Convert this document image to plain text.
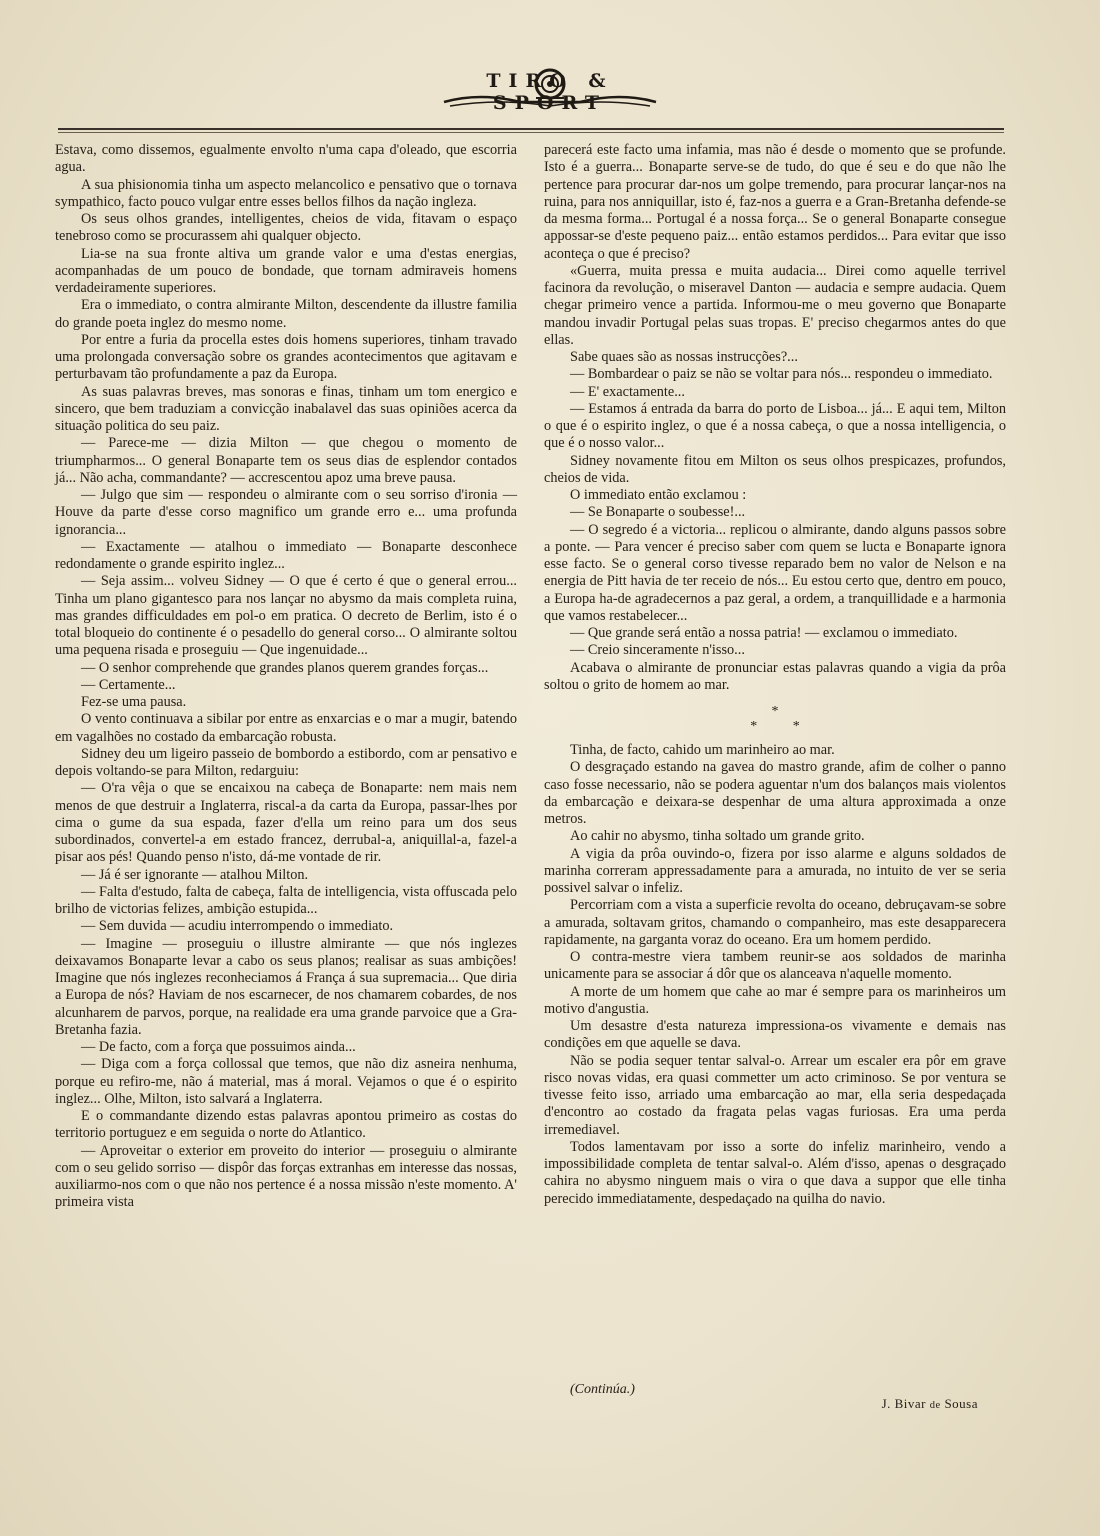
TIRO & SPORT

Estava, como dissemos, egualmente envolto n'uma capa d'oleado, que escorria agua.

A sua phisionomia tinha um aspecto melancolico e pensativo que o tornava sympathico, facto pouco vulgar entre esses bellos filhos da nação ingleza.

Os seus olhos grandes, intelligentes, cheios de vida, fitavam o espaço tenebroso como se procurassem ahi qualquer objecto.

Lia-se na sua fronte altiva um grande valor e uma d'estas energias, acompanhadas de um pouco de bondade, que tornam admiraveis homens verdadeiramente superiores.

Era o immediato, o contra almirante Milton, descendente da illustre familia do grande poeta inglez do mesmo nome.

Por entre a furia da procella estes dois homens superiores, tinham travado uma prolongada conversação sobre os grandes acontecimentos que agitavam e perturbavam tão profundamente a paz da Europa.

As suas palavras breves, mas sonoras e finas, tinham um tom energico e sincero, que bem traduziam a convicção inabalavel das suas opiniões acerca da situação politica do seu paiz.

— Parece-me — dizia Milton — que chegou o momento de triumpharmos... O general Bonaparte tem os seus dias de esplendor contados já... Não acha, commandante? — accrescentou apoz uma breve pausa.

— Julgo que sim — respondeu o almirante com o seu sorriso d'ironia — Houve da parte d'esse corso magnifico um grande erro e... uma profunda ignorancia...

— Exactamente — atalhou o immediato — Bonaparte desconhece redondamente o grande espirito inglez...

— Seja assim... volveu Sidney — O que é certo é que o general errou... Tinha um plano gigantesco para nos lançar no abysmo da mais completa ruina, mas grandes difficuldades em pol-o em pratica. O decreto de Berlim, isto é o total bloqueio do continente é o pesadello do general corso... O almirante soltou uma pequena risada e proseguiu — Que ingenuidade...

— O senhor comprehende que grandes planos querem grandes forças...

— Certamente...

Fez-se uma pausa.

O vento continuava a sibilar por entre as enxarcias e o mar a mugir, batendo em vagalhões no costado da embarcação robusta.

Sidney deu um ligeiro passeio de bombordo a estibordo, com ar pensativo e depois voltando-se para Milton, redarguiu:

— O'ra vêja o que se encaixou na cabeça de Bonaparte: nem mais nem menos de que destruir a Inglaterra, riscal-a da carta da Europa, passar-lhes por cima o gume da sua espada, fazer d'ella um reino para um dos seus subordinados, convertel-a em estado francez, derrubal-a, aniquillal-a, fazel-a pisar aos pés! Quando penso n'isto, dá-me vontade de rir.

— Já é ser ignorante — atalhou Milton.

— Falta d'estudo, falta de cabeça, falta de intelligencia, vista offuscada pelo brilho de victorias felizes, ambição estupida...

— Sem duvida — acudiu interrompendo o immediato.

— Imagine — proseguiu o illustre almirante — que nós inglezes deixavamos Bonaparte levar a cabo os seus planos; realisar as suas ambições! Imagine que nós inglezes reconheciamos á França á sua supremacia... Que diria a Europa de nós? Haviam de nos escarnecer, de nos chamarem cobardes, de nos alcunharem de parvos, porque, na realidade era uma grande parvoice que a Gra-Bretanha fazia.

— De facto, com a força que possuimos ainda...

— Diga com a força collossal que temos, que não diz asneira nenhuma, porque eu refiro-me, não á material, mas á moral. Vejamos o que é o espirito inglez... Olhe, Milton, isto salvará a Inglaterra.

E o commandante dizendo estas palavras apontou primeiro as costas do territorio portuguez e em seguida o norte do Atlantico.

— Aproveitar o exterior em proveito do interior — proseguiu o almirante com o seu gelido sorriso — dispôr das forças extranhas em interesse das nossas, auxiliarmo-nos com o que não nos pertence é a nossa missão n'este momento. A' primeira vista

parecerá este facto uma infamia, mas não é desde o momento que se profunde. Isto é a guerra... Bonaparte serve-se de tudo, do que é seu e do que não lhe pertence para procurar dar-nos um golpe tremendo, para procurar lançar-nos na ruina, para nos anniquillar, isto é, faz-nos a guerra e a Gran-Bretanha defende-se da mesma forma... Portugal é a nossa força... Se o general Bonaparte consegue appossar-se d'este pequeno paiz... então estamos perdidos... Para evitar que isso aconteça o que é preciso?

«Guerra, muita pressa e muita audacia... Direi como aquelle terrivel facinora da revolução, o miseravel Danton — audacia e sempre audacia. Quem chegar primeiro vence a partida. Informou-me o meu governo que Bonaparte mandou invadir Portugal pelas suas tropas. E' preciso chegarmos antes do que ellas.

Sabe quaes são as nossas instrucções?...

— Bombardear o paiz se não se voltar para nós... respondeu o immediato.

— E' exactamente...

— Estamos á entrada da barra do porto de Lisboa... já... E aqui tem, Milton o que é o espirito inglez, o que é a nossa cabeça, o que a nossa intelligencia, o que é o nosso valor...

Sidney novamente fitou em Milton os seus olhos prespicazes, profundos, cheios de vida.

O immediato então exclamou :

— Se Bonaparte o soubesse!...

— O segredo é a victoria... replicou o almirante, dando alguns passos sobre a ponte. — Para vencer é preciso saber com quem se lucta e Bonaparte ignora esse facto. Se o general corso tivesse reparado bem no valor de Nelson e na energia de Pitt havia de ter receio de nós... Eu estou certo que, dentro em pouco, a Europa ha-de agradecernos a paz geral, a ordem, a tranquillidade e a harmonia que vamos restabelecer...

— Que grande será então a nossa patria! — exclamou o immediato.

— Creio sinceramente n'isso...

Acabava o almirante de pronunciar estas palavras quando a vigia da prôa soltou o grito de homem ao mar.

*
* *

Tinha, de facto, cahido um marinheiro ao mar.

O desgraçado estando na gavea do mastro grande, afim de colher o panno caso fosse necessario, não se podera aguentar n'um dos balanços mais violentos da embarcação e deixara-se despenhar de uma altura approximada a onze metros.

Ao cahir no abysmo, tinha soltado um grande grito.

A vigia da prôa ouvindo-o, fizera por isso alarme e alguns soldados de marinha correram appressadamente para a amurada, no intuito de ver se seria possivel salvar o infeliz.

Percorriam com a vista a superficie revolta do oceano, debruçavam-se sobre a amurada, soltavam gritos, chamando o companheiro, mas este desapparecera rapidamente, na garganta voraz do oceano. Era um homem perdido.

O contra-mestre viera tambem reunir-se aos soldados de marinha unicamente para se associar á dôr que os alanceava n'aquelle momento.

A morte de um homem que cahe ao mar é sempre para os marinheiros um motivo d'angustia.

Um desastre d'esta natureza impressiona-os vivamente e demais nas condições em que aquelle se dava.

Não se podia sequer tentar salval-o. Arrear um escaler era pôr em grave risco novas vidas, era quasi commetter um acto criminoso. Se por ventura se tivesse feito isso, arriado uma embarcação ao mar, ella seria despedaçada d'encontro ao costado da fragata pelas vagas furiosas. Era uma perda irremediavel.

Todos lamentavam por isso a sorte do infeliz marinheiro, vendo a impossibilidade completa de tentar salval-o. Além d'isso, apenas o desgraçado cahira no abysmo ninguem mais o vira o que dava a suppor que elle tinha perecido immediatamente, despedaçado na quilha do navio.

(Continúa.)
J. Bivar de Sousa
